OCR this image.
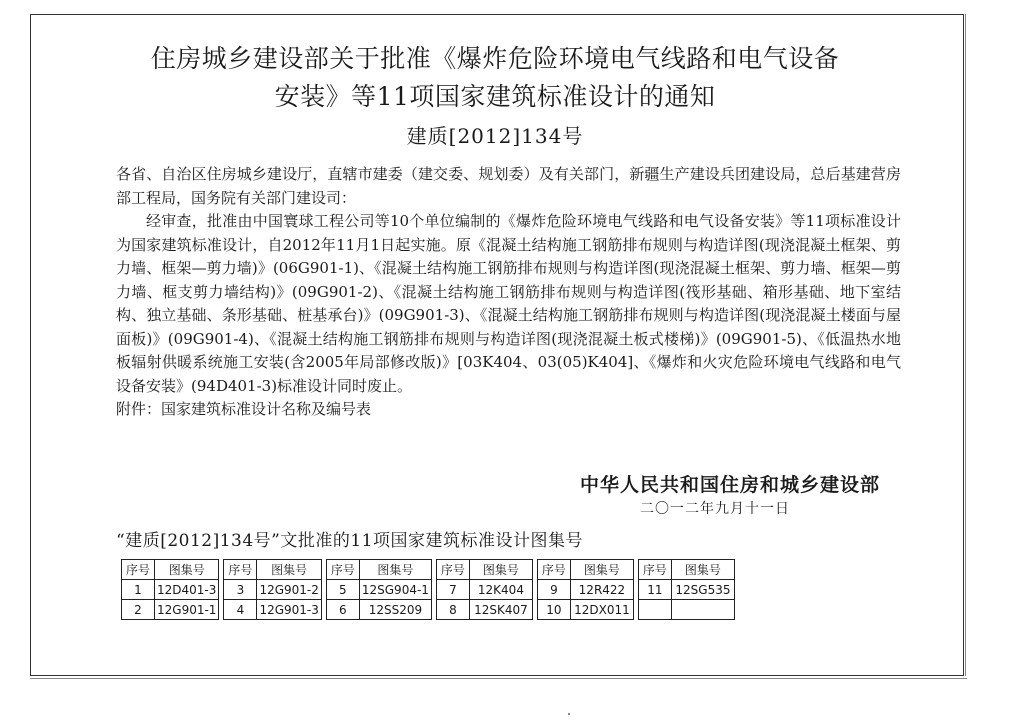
住房城乡建设部关于批准《爆炸危险环境电气线路和电气设备
安装》等11项国家建筑标准设计的通知
建质[2012]134号

各省、自治区住房城乡建设厅，直辖市建委（建交委、规划委）及有关部门，新疆生产建设兵团建设局，总后基建营房部工程局，国务院有关部门建设司：

经审查，批准由中国寰球工程公司等10个单位编制的《爆炸危险环境电气线路和电气设备安装》等11项标准设计为国家建筑标准设计，自2012年11月1日起实施。原《混凝土结构施工钢筋排布规则与构造详图(现浇混凝土框架、剪力墙、框架—剪力墙)》(06G901-1)、《混凝土结构施工钢筋排布规则与构造详图(现浇混凝土框架、剪力墙、框架—剪力墙、框支剪力墙结构)》(09G901-2)、《混凝土结构施工钢筋排布规则与构造详图(筏形基础、箱形基础、地下室结构、独立基础、条形基础、桩基承台)》(09G901-3)、《混凝土结构施工钢筋排布规则与构造详图(现浇混凝土楼面与屋面板)》(09G901-4)、《混凝土结构施工钢筋排布规则与构造详图(现浇混凝土板式楼梯)》(09G901-5)、《低温热水地板辐射供暖系统施工安装(含2005年局部修改版)》[03K404、03(05)K404]、《爆炸和火灾危险环境电气线路和电气设备安装》(94D401-3)标准设计同时废止。

附件：国家建筑标准设计名称及编号表

中华人民共和国住房和城乡建设部
二〇一二年九月十一日
“建质[2012]134号”文批准的11项国家建筑标准设计图集号
序号	图集号		序号	图集号		序号	图集号		序号	图集号		序号	图集号		序号	图集号
1	12D401-3		3	12G901-2		5	12SG904-1		7	12K404		9	12R422		11	12SG535
2	12G901-1		4	12G901-3		6	12SS209		8	12SK407		10	12DX011			
